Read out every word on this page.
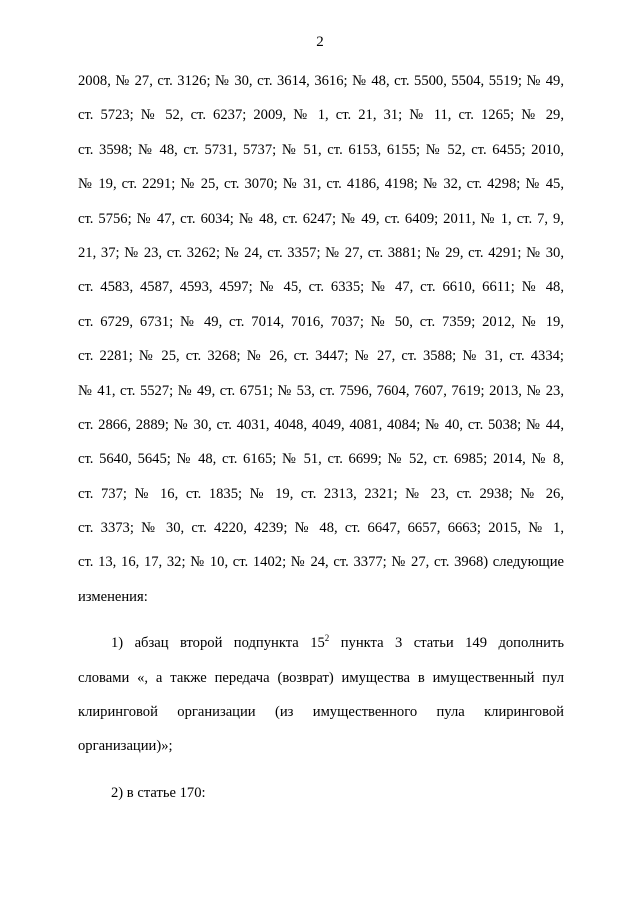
2
2008, № 27, ст. 3126; № 30, ст. 3614, 3616; № 48, ст. 5500, 5504, 5519; № 49,
ст. 5723; № 52, ст. 6237; 2009, № 1, ст. 21, 31; № 11, ст. 1265; № 29,
ст. 3598; № 48, ст. 5731, 5737; № 51, ст. 6153, 6155; № 52, ст. 6455; 2010,
№ 19, ст. 2291; № 25, ст. 3070; № 31, ст. 4186, 4198; № 32, ст. 4298; № 45,
ст. 5756; № 47, ст. 6034; № 48, ст. 6247; № 49, ст. 6409; 2011, № 1, ст. 7, 9,
21, 37; № 23, ст. 3262; № 24, ст. 3357; № 27, ст. 3881; № 29, ст. 4291; № 30,
ст. 4583, 4587, 4593, 4597; № 45, ст. 6335; № 47, ст. 6610, 6611; № 48,
ст. 6729, 6731; № 49, ст. 7014, 7016, 7037; № 50, ст. 7359; 2012, № 19,
ст. 2281; № 25, ст. 3268; № 26, ст. 3447; № 27, ст. 3588; № 31, ст. 4334;
№ 41, ст. 5527; № 49, ст. 6751; № 53, ст. 7596, 7604, 7607, 7619; 2013, № 23,
ст. 2866, 2889; № 30, ст. 4031, 4048, 4049, 4081, 4084; № 40, ст. 5038; № 44,
ст. 5640, 5645; № 48, ст. 6165; № 51, ст. 6699; № 52, ст. 6985; 2014, № 8,
ст. 737; № 16, ст. 1835; № 19, ст. 2313, 2321; № 23, ст. 2938; № 26,
ст. 3373; № 30, ст. 4220, 4239; № 48, ст. 6647, 6657, 6663; 2015, № 1,
ст. 13, 16, 17, 32; № 10, ст. 1402; № 24, ст. 3377; № 27, ст. 3968) следующие
изменения:
1) абзац второй подпункта $15^2$ пункта 3 статьи 149 дополнить
словами «, а также передача (возврат) имущества в имущественный пул
клиринговой организации (из имущественного пула клиринговой
организации)»;
2) в статье 170:
